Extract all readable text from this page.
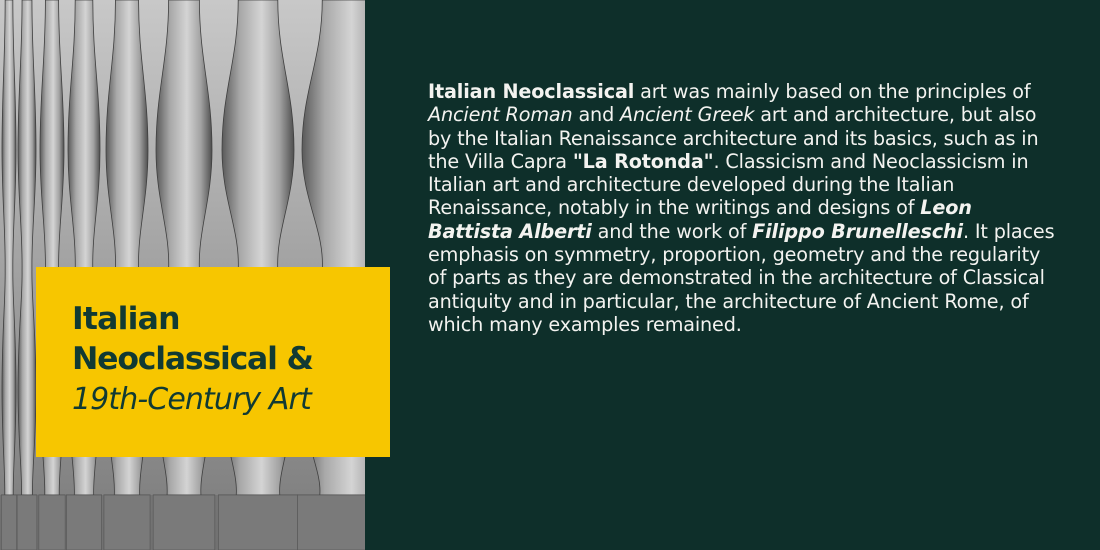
Italian Neoclassical art was mainly based on the principles of Ancient Roman and Ancient Greek art and architecture, but also by the Italian Renaissance architecture and its basics, such as in the Villa Capra "La Rotonda". Classicism and Neoclassicism in Italian art and architecture developed during the Italian Renaissance, notably in the writings and designs of Leon Battista Alberti and the work of Filippo Brunelleschi. It places emphasis on symmetry, proportion, geometry and the regularity of parts as they are demonstrated in the architecture of Classical antiquity and in particular, the architecture of Ancient Rome, of which many examples remained.
Italian
Neoclassical &
19th-Century Art
